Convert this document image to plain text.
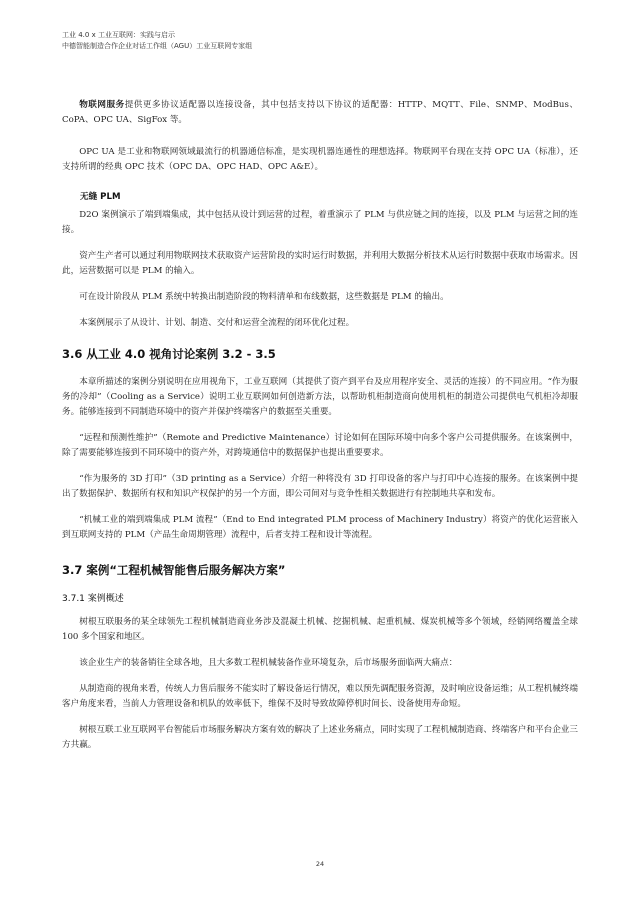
工业 4.0 x 工业互联网：实践与启示
中德智能制造合作企业对话工作组（AGU）工业互联网专家组

物联网服务提供更多协议适配器以连接设备，其中包括支持以下协议的适配器：HTTP、MQTT、File、SNMP、ModBus、CoPA、OPC UA、SigFox 等。

OPC UA 是工业和物联网领域最流行的机器通信标准，是实现机器连通性的理想选择。物联网平台现在支持 OPC UA（标准），还支持所谓的经典 OPC 技术（OPC DA、OPC HAD、OPC A&E）。

无缝 PLM

D2O 案例演示了端到端集成，其中包括从设计到运营的过程，着重演示了 PLM 与供应链之间的连接，以及 PLM 与运营之间的连接。

资产生产者可以通过利用物联网技术获取资产运营阶段的实时运行时数据，并利用大数据分析技术从运行时数据中获取市场需求。因此，运营数据可以是 PLM 的输入。

可在设计阶段从 PLM 系统中转换出制造阶段的物料清单和布线数据，这些数据是 PLM 的输出。

本案例展示了从设计、计划、制造、交付和运营全流程的闭环优化过程。

3.6 从工业 4.0 视角讨论案例 3.2 - 3.5

本章所描述的案例分别说明在应用视角下，工业互联网（其提供了资产到平台及应用程序安全、灵活的连接）的不同应用。“作为服务的冷却”（Cooling as a Service）说明工业互联网如何创造新方法，以帮助机柜制造商向使用机柜的制造公司提供电气机柜冷却服务。能够连接到不同制造环境中的资产并保护终端客户的数据至关重要。

“远程和预测性维护”（Remote and Predictive Maintenance）讨论如何在国际环境中向多个客户公司提供服务。在该案例中，除了需要能够连接到不同环境中的资产外，对跨境通信中的数据保护也提出重要要求。

“作为服务的 3D 打印”（3D printing as a Service）介绍一种将没有 3D 打印设备的客户与打印中心连接的服务。在该案例中提出了数据保护、数据所有权和知识产权保护的另一个方面，即公司间对与竞争性相关数据进行有控制地共享和发布。

“机械工业的端到端集成 PLM 流程”（End to End integrated PLM process of Machinery Industry）将资产的优化运营嵌入到互联网支持的 PLM（产品生命周期管理）流程中，后者支持工程和设计等流程。

3.7 案例“工程机械智能售后服务解决方案”
3.7.1 案例概述

树根互联服务的某全球领先工程机械制造商业务涉及混凝土机械、挖掘机械、起重机械、煤炭机械等多个领域，经销网络覆盖全球 100 多个国家和地区。

该企业生产的装备销往全球各地，且大多数工程机械装备作业环境复杂，后市场服务面临两大痛点：

从制造商的视角来看，传统人力售后服务不能实时了解设备运行情况，难以预先调配服务资源，及时响应设备运维；从工程机械终端客户角度来看，当前人力管理设备和机队的效率低下，维保不及时导致故障停机时间长、设备使用寿命短。

树根互联工业互联网平台智能后市场服务解决方案有效的解决了上述业务痛点，同时实现了工程机械制造商、终端客户和平台企业三方共赢。

24
